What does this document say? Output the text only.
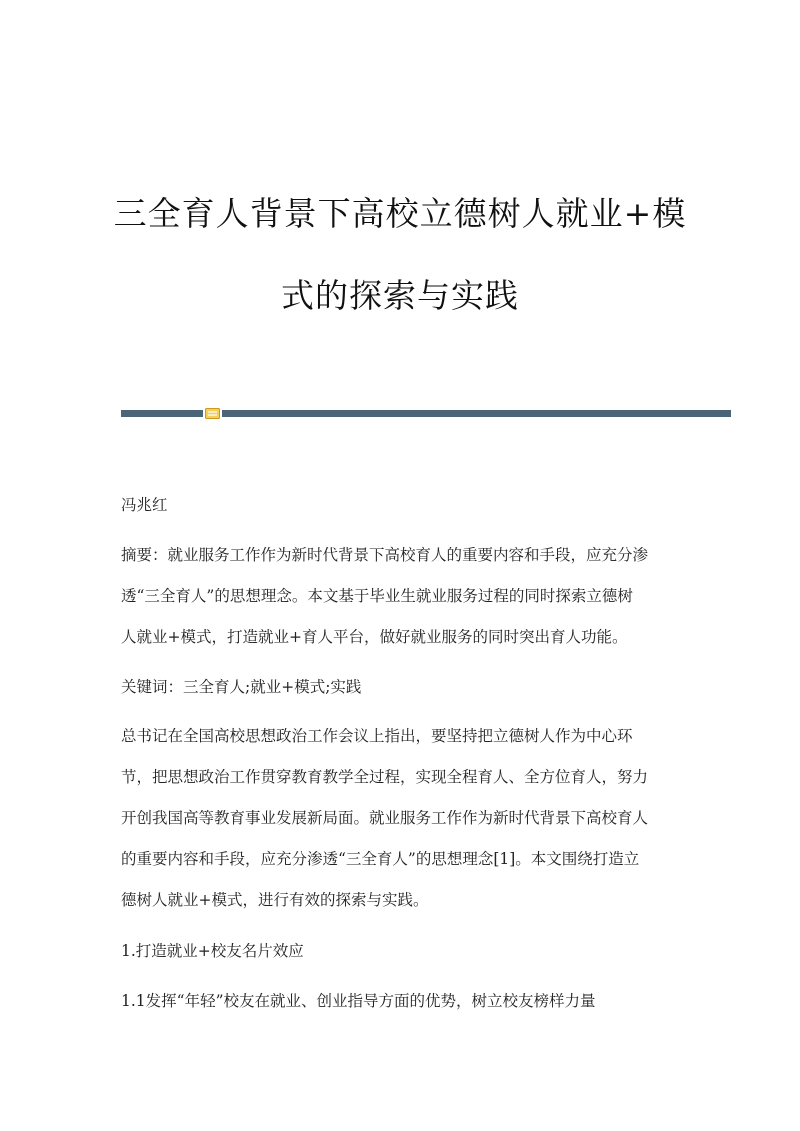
三全育人背景下高校立德树人就业+模
式的探索与实践
冯兆红
摘要：就业服务工作作为新时代背景下高校育人的重要内容和手段，应充分渗
透“三全育人”的思想理念。本文基于毕业生就业服务过程的同时探索立德树
人就业+模式，打造就业+育人平台，做好就业服务的同时突出育人功能。
关键词：三全育人;就业+模式;实践
总书记在全国高校思想政治工作会议上指出，要坚持把立德树人作为中心环
节，把思想政治工作贯穿教育教学全过程，实现全程育人、全方位育人，努力
开创我国高等教育事业发展新局面。就业服务工作作为新时代背景下高校育人
的重要内容和手段，应充分渗透“三全育人”的思想理念[1]。本文围绕打造立
德树人就业+模式，进行有效的探索与实践。
1.打造就业+校友名片效应
1.1发挥“年轻”校友在就业、创业指导方面的优势，树立校友榜样力量
